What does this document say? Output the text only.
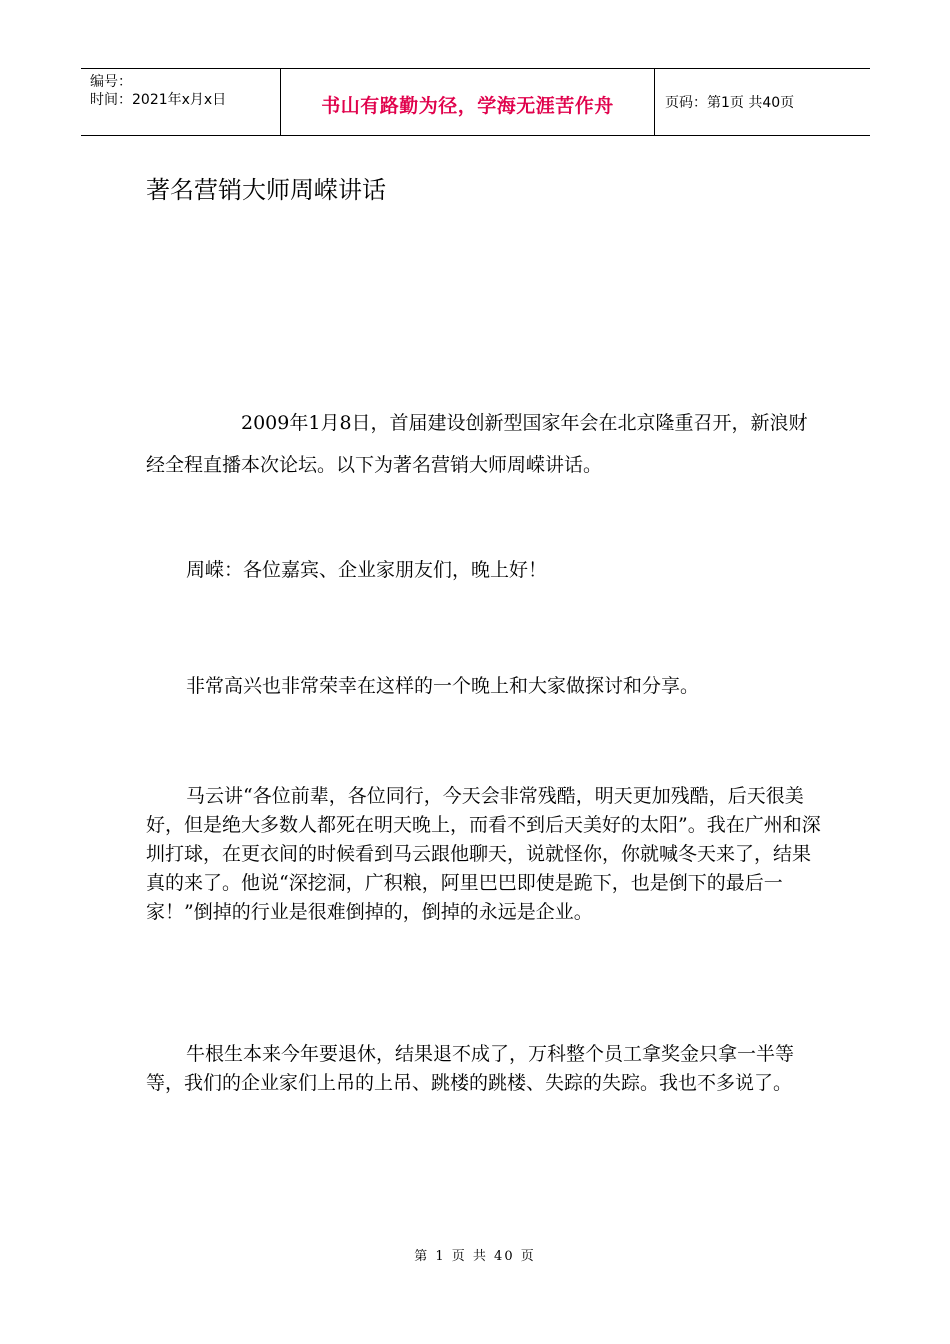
编号：
时间：2021年x月x日	书山有路勤为径，学海无涯苦作舟	页码：第1页 共40页
著名营销大师周嵘讲话

2009年1月8日，首届建设创新型国家年会在北京隆重召开，新浪财经全程直播本次论坛。以下为著名营销大师周嵘讲话。

周嵘：各位嘉宾、企业家朋友们，晚上好！

非常高兴也非常荣幸在这样的一个晚上和大家做探讨和分享。

马云讲“各位前辈，各位同行，今天会非常残酷，明天更加残酷，后天很美好，但是绝大多数人都死在明天晚上，而看不到后天美好的太阳”。我在广州和深圳打球，在更衣间的时候看到马云跟他聊天，说就怪你，你就喊冬天来了，结果真的来了。他说“深挖洞，广积粮，阿里巴巴即使是跪下，也是倒下的最后一家！”倒掉的行业是很难倒掉的，倒掉的永远是企业。

牛根生本来今年要退休，结果退不成了，万科整个员工拿奖金只拿一半等等，我们的企业家们上吊的上吊、跳楼的跳楼、失踪的失踪。我也不多说了。

第 1 页 共 40 页
